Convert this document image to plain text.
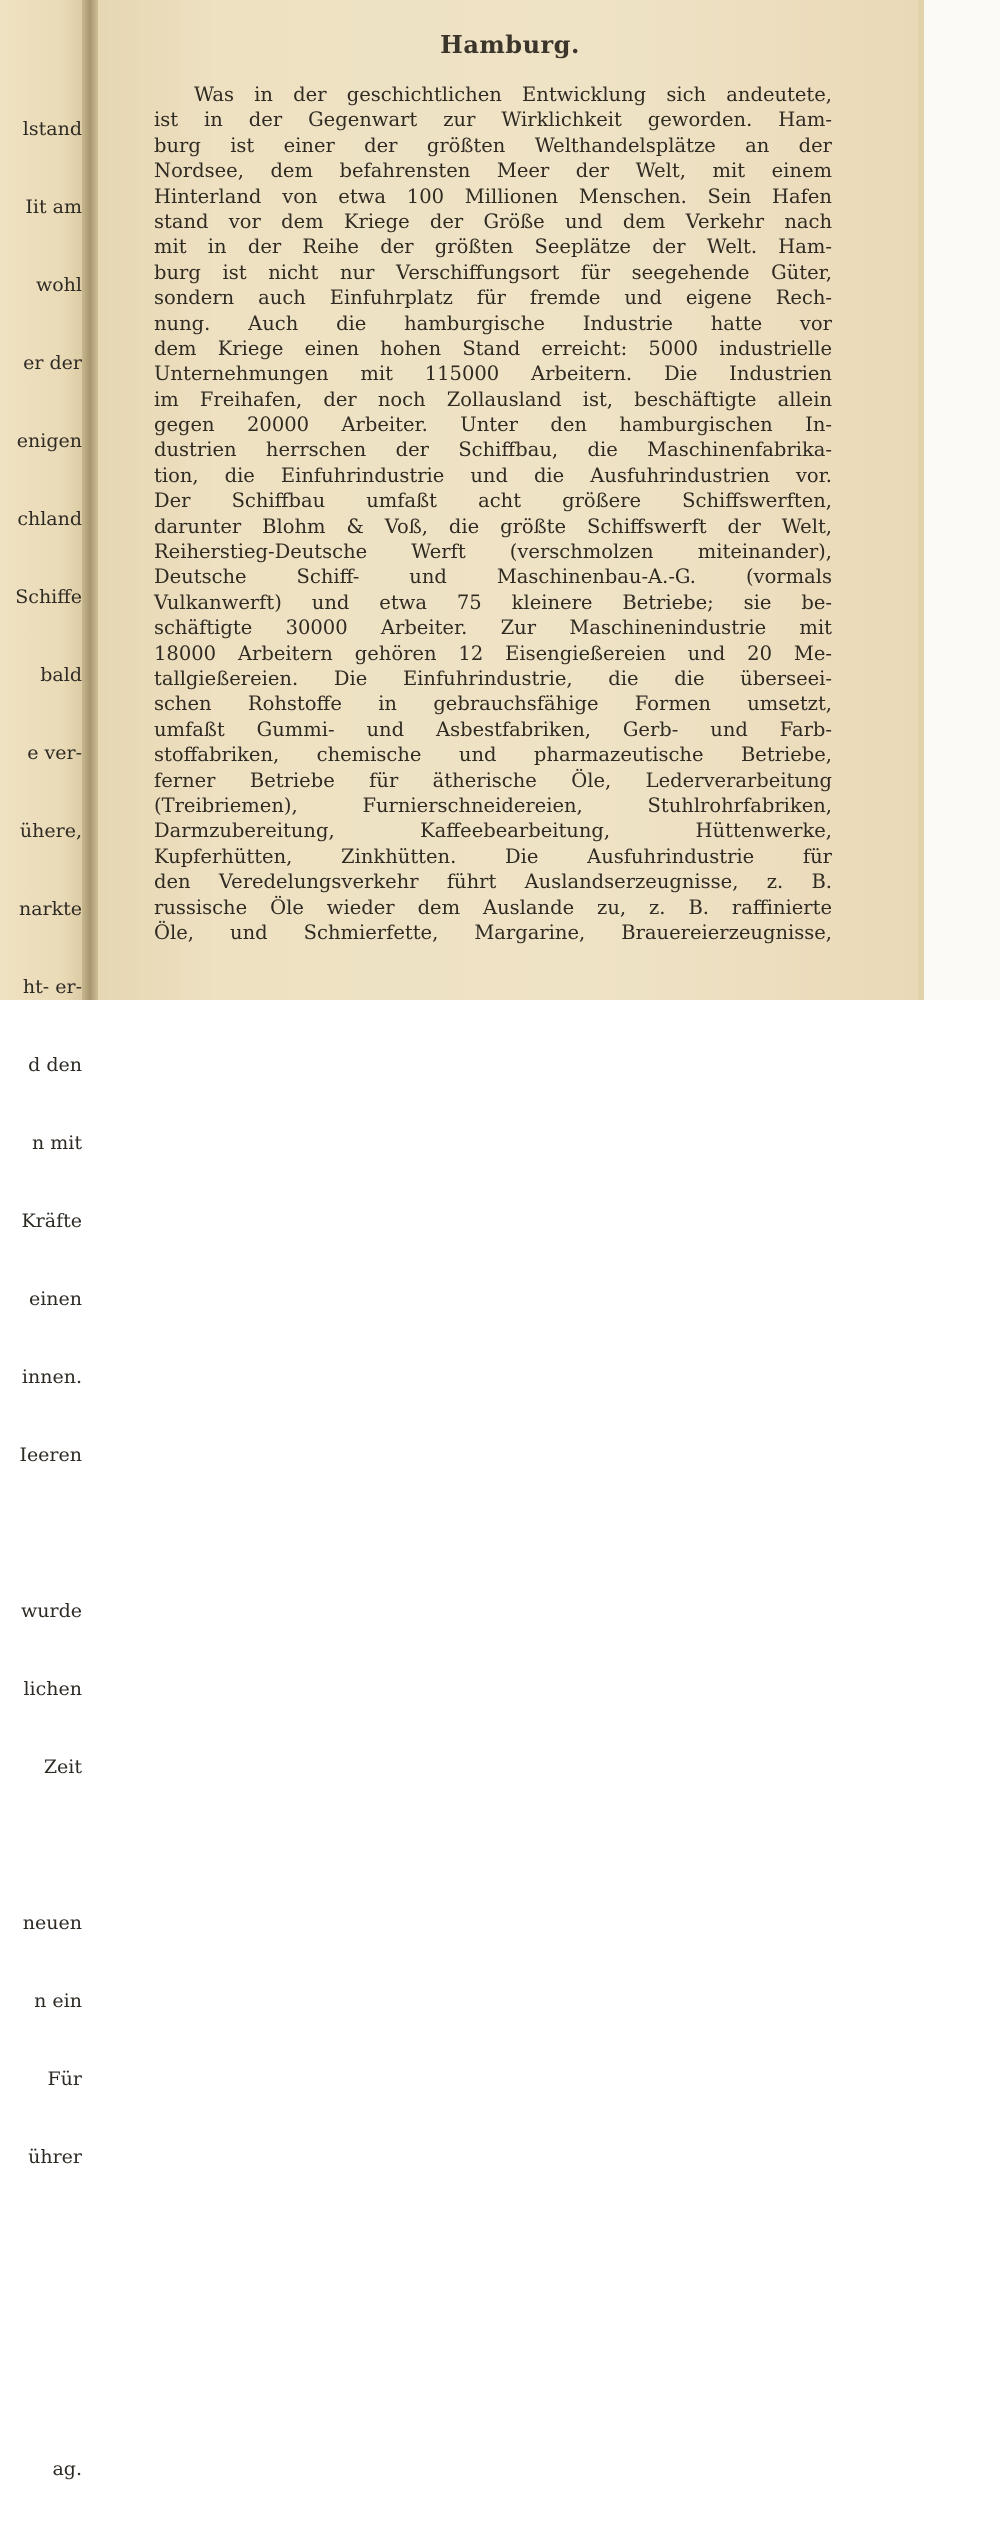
lstand

Iit am

wohl

er der

enigen

chland

Schiffe

bald

e ver-

ühere,

narkte

ht- er-

d den

n mit

Kräfte

einen

innen.

Ieeren

wurde

lichen

Zeit

neuen

n ein

Für

ührer

ag.

Hamburg.
Was in der geschichtlichen Entwicklung sich andeutete,
ist in der Gegenwart zur Wirklichkeit geworden. Ham-
burg ist einer der größten Welthandelsplätze an der
Nordsee, dem befahrensten Meer der Welt, mit einem
Hinterland von etwa 100 Millionen Menschen. Sein Hafen
stand vor dem Kriege der Größe und dem Verkehr nach
mit in der Reihe der größten Seeplätze der Welt. Ham-
burg ist nicht nur Verschiffungsort für seegehende Güter,
sondern auch Einfuhrplatz für fremde und eigene Rech-
nung. Auch die hamburgische Industrie hatte vor
dem Kriege einen hohen Stand erreicht: 5000 industrielle
Unternehmungen mit 115000 Arbeitern. Die Industrien
im Freihafen, der noch Zollausland ist, beschäftigte allein
gegen 20000 Arbeiter. Unter den hamburgischen In-
dustrien herrschen der Schiffbau, die Maschinenfabrika-
tion, die Einfuhrindustrie und die Ausfuhrindustrien vor.
Der Schiffbau umfaßt acht größere Schiffswerften,
darunter Blohm & Voß, die größte Schiffswerft der Welt,
Reiherstieg-Deutsche Werft (verschmolzen miteinander),
Deutsche Schiff- und Maschinenbau-A.-G. (vormals
Vulkanwerft) und etwa 75 kleinere Betriebe; sie be-
schäftigte 30000 Arbeiter. Zur Maschinenindustrie mit
18000 Arbeitern gehören 12 Eisengießereien und 20 Me-
tallgießereien. Die Einfuhrindustrie, die die überseei-
schen Rohstoffe in gebrauchsfähige Formen umsetzt,
umfaßt Gummi- und Asbestfabriken, Gerb- und Farb-
stoffabriken, chemische und pharmazeutische Betriebe,
ferner Betriebe für ätherische Öle, Lederverarbeitung
(Treibriemen), Furnierschneidereien, Stuhlrohrfabriken,
Darmzubereitung, Kaffeebearbeitung, Hüttenwerke,
Kupferhütten, Zinkhütten. Die Ausfuhrindustrie für
den Veredelungsverkehr führt Auslandserzeugnisse, z. B.
russische Öle wieder dem Auslande zu, z. B. raffinierte
Öle, und Schmierfette, Margarine, Brauereierzeugnisse,
